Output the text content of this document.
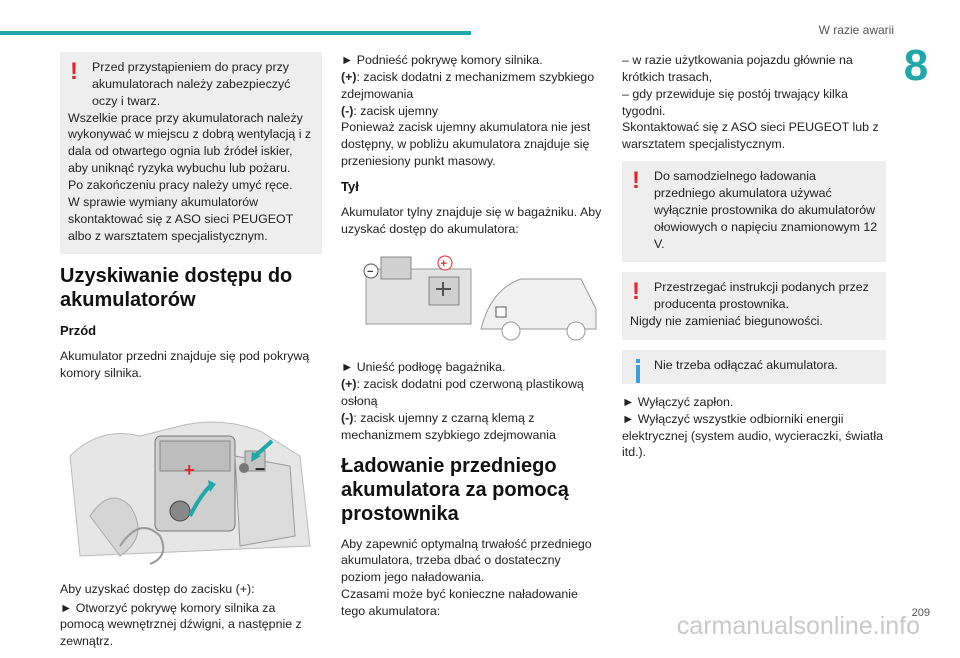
W razie awarii
8
!	Przed przystąpieniem do pracy przy akumulatorach należy zabezpieczyć oczy i twarz.

Wszelkie prace przy akumulatorach należy wykonywać w miejscu z dobrą wentylacją i z dala od otwartego ognia lub źródeł iskier, aby uniknąć ryzyka wybuchu lub pożaru.

Po zakończeniu pracy należy umyć ręce.

W sprawie wymiany akumulatorów skontaktować się z ASO sieci PEUGEOT albo z warsztatem specjalistycznym.

Uzyskiwanie dostępu do akumulatorów
Przód

Akumulator przedni znajduje się pod pokrywą komory silnika.

+	–

Aby uzyskać dostęp do zacisku (+):

► Otworzyć pokrywę komory silnika za pomocą wewnętrznej dźwigni, a następnie z zewnątrz.

► Podnieść pokrywę komory silnika.

(+): zacisk dodatni z mechanizmem szybkiego zdejmowania

(-): zacisk ujemny

Ponieważ zacisk ujemny akumulatora nie jest dostępny, w pobliżu akumulatora znajduje się przeniesiony punkt masowy.

Tył

Akumulator tylny znajduje się w bagażniku. Aby uzyskać dostęp do akumulatora:

−
+

► Unieść podłogę bagażnika.

(+): zacisk dodatni pod czerwoną plastikową osłoną

(-): zacisk ujemny z czarną klemą z mechanizmem szybkiego zdejmowania

Ładowanie przedniego akumulatora za pomocą prostownika

Aby zapewnić optymalną trwałość przedniego akumulatora, trzeba dbać o dostateczny poziom jego naładowania.

Czasami może być konieczne naładowanie tego akumulatora:

– w razie użytkowania pojazdu głównie na krótkich trasach,

– gdy przewiduje się postój trwający kilka tygodni.

Skontaktować się z ASO sieci PEUGEOT lub z warsztatem specjalistycznym.

!	Do samodzielnego ładowania przedniego akumulatora używać wyłącznie prostownika do akumulatorów ołowiowych o napięciu znamionowym 12 V.

!	Przestrzegać instrukcji podanych przez producenta prostownika.

Nigdy nie zamieniać biegunowości.

Nie trzeba odłączać akumulatora.

► Wyłączyć zapłon.

► Wyłączyć wszystkie odbiorniki energii elektrycznej (system audio, wycieraczki, światła itd.).

carmanualsonline.info
209
